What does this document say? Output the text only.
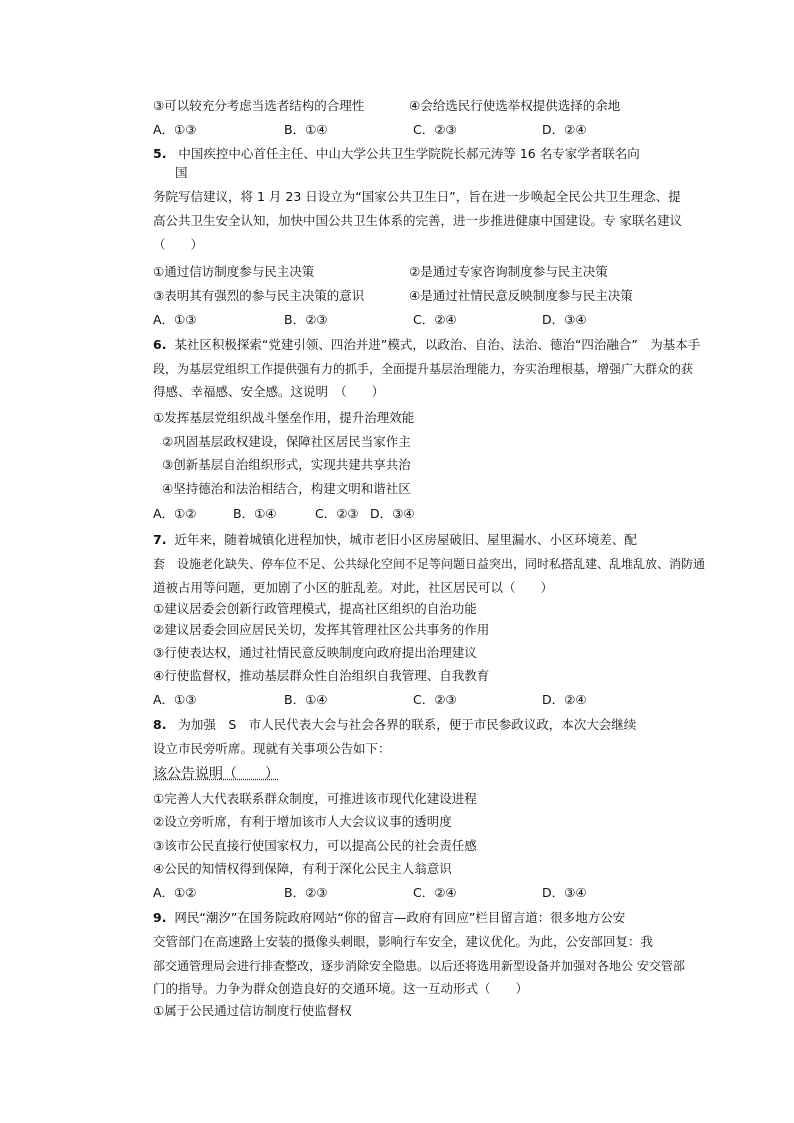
③可以较充分考虑当选者结构的合理性	④会给选民行使选举权提供选择的余地
A．①③	B．①④	C．②③	D．②④
5. 中国疾控中心首任主任、中山大学公共卫生学院院长郝元涛等 16 名专家学者联名向
国
务院写信建议，将 1 月 23 日设立为“国家公共卫生日”，旨在进一步唤起全民公共卫生理念、提
高公共卫生安全认知，加快中国公共卫生体系的完善，进一步推进健康中国建设。专 家联名建议
（　　）
①通过信访制度参与民主决策	②是通过专家咨询制度参与民主决策
③表明其有强烈的参与民主决策的意识	④是通过社情民意反映制度参与民主决策
A．①③	B．②③	C．②④	D．③④
6. 某社区积极探索“党建引领、四治并进”模式，以政治、自治、法治、德治“四治融合”　为基本手
段，为基层党组织工作提供强有力的抓手，全面提升基层治理能力，夯实治理根基，增强广大群众的获
得感、幸福感、安全感。这说明　（　　）
①发挥基层党组织战斗堡垒作用，提升治理效能
②巩固基层政权建设，保障社区居民当家作主
③创新基层自治组织形式，实现共建共享共治
④坚持德治和法治相结合，构建文明和谐社区
A．①②	B．①④	C．②③ D．③④
7. 近年来，随着城镇化进程加快，城市老旧小区房屋破旧、屋里漏水、小区环境差、配
套　设施老化缺失、停车位不足、公共绿化空间不足等问题日益突出，同时私搭乱建、乱堆乱放、消防通
道被占用等问题，更加剧了小区的脏乱差。对此，社区居民可以（　　）
①建议居委会创新行政管理模式，提高社区组织的自治功能
②建议居委会回应居民关切，发挥其管理社区公共事务的作用
③行使表达权，通过社情民意反映制度向政府提出治理建议
④行使监督权，推动基层群众性自治组织自我管理、自我教育
A．①③	B．①④	C．②③	D．②④
8. 为加强　S　市人民代表大会与社会各界的联系，便于市民参政议政，本次大会继续
设立市民旁听席。现就有关事项公告如下：
该公告说明（　　）
①完善人大代表联系群众制度，可推进该市现代化建设进程
②设立旁听席，有利于增加该市人大会议议事的透明度
③该市公民直接行使国家权力，可以提高公民的社会责任感
④公民的知情权得到保障，有利于深化公民主人翁意识
A．①②	B．②③	C．②④	D．③④
9. 网民“潮汐”在国务院政府网站“你的留言—政府有回应”栏目留言道：很多地方公安
交管部门在高速路上安装的摄像头刺眼，影响行车安全，建议优化。为此，公安部回复：我
部交通管理局会进行排查整改，逐步消除安全隐患。以后还将选用新型设备并加强对各地公 安交管部
门的指导。力争为群众创造良好的交通环境。这一互动形式（　　）
①属于公民通过信访制度行使监督权
